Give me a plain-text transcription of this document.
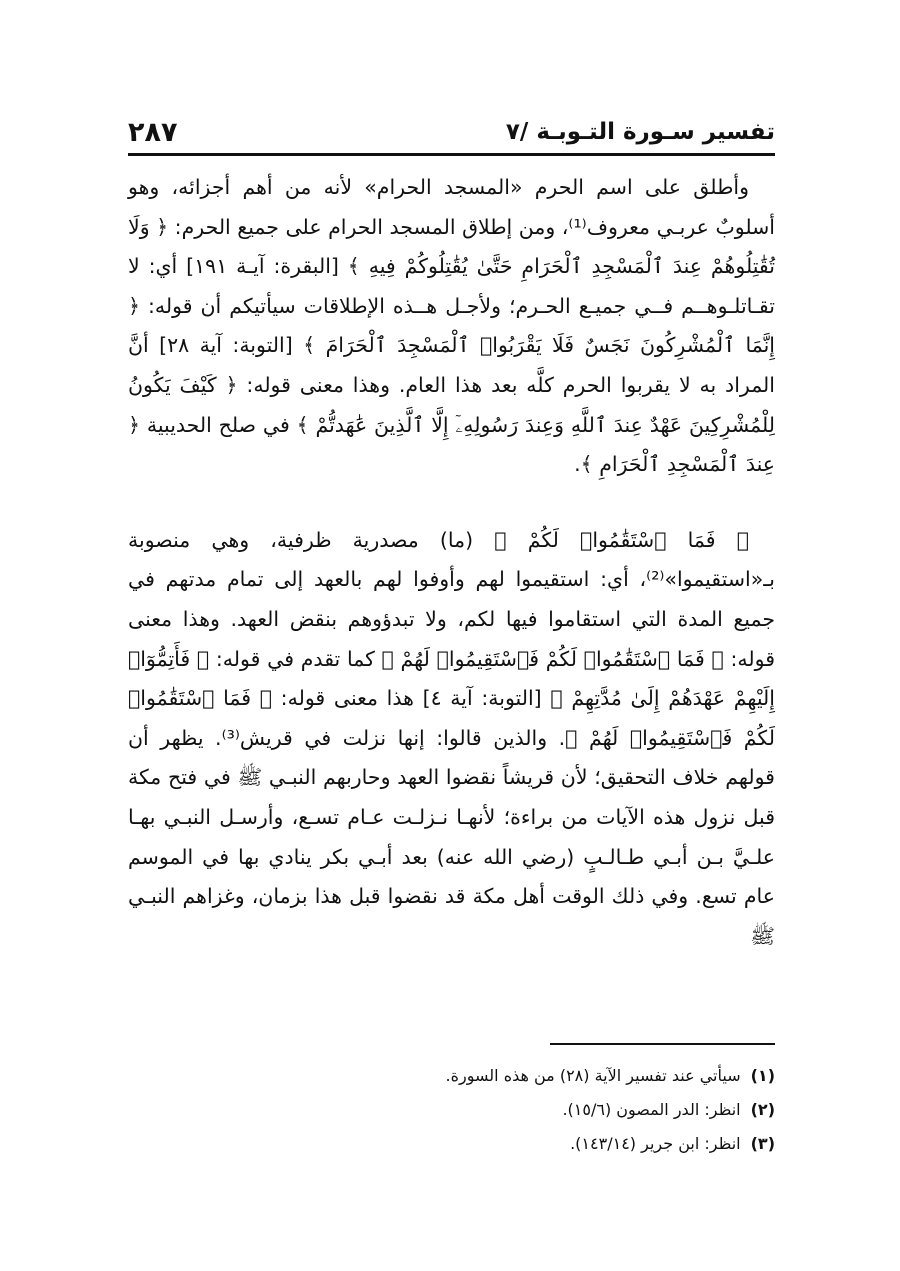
تفسير سـورة التـوبـة /٧
٢٨٧

وأطلق على اسم الحرم «المسجد الحرام» لأنه من أهم أجزائه، وهو أسلوبٌ عربـي معروف⁽¹⁾، ومن إطلاق المسجد الحرام على جميع الحرم: ﴿ وَلَا تُقَٰتِلُوهُمْ عِندَ ٱلْمَسْجِدِ ٱلْحَرَامِ حَتَّىٰ يُقَٰتِلُوكُمْ فِيهِ ﴾ [البقرة: آيـة ١٩١] أي: لا تقـاتلـوهــم فــي جميـع الحـرم؛ ولأجـل هــذه الإطلاقات سيأتيكم أن قوله: ﴿ إِنَّمَا ٱلْمُشْرِكُونَ نَجَسٌ فَلَا يَقْرَبُوا۟ ٱلْمَسْجِدَ ٱلْحَرَامَ ﴾ [التوبة: آية ٢٨] أنَّ المراد به لا يقربوا الحرم كلَّه بعد هذا العام. وهذا معنى قوله: ﴿ كَيْفَ يَكُونُ لِلْمُشْرِكِينَ عَهْدٌ عِندَ ٱللَّهِ وَعِندَ رَسُولِهِۦٓ إِلَّا ٱلَّذِينَ عَٰهَدتُّمْ ﴾ في صلح الحديبية ﴿ عِندَ ٱلْمَسْجِدِ ٱلْحَرَامِ ﴾.

﴿ فَمَا ٱسْتَقَٰمُوا۟ لَكُمْ ﴾ (ما) مصدرية ظرفية، وهي منصوبة بـ«استقيموا»⁽²⁾، أي: استقيموا لهم وأوفوا لهم بالعهد إلى تمام مدتهم في جميع المدة التي استقاموا فيها لكم، ولا تبدؤوهم بنقض العهد. وهذا معنى قوله: ﴿ فَمَا ٱسْتَقَٰمُوا۟ لَكُمْ فَٱسْتَقِيمُوا۟ لَهُمْ ﴾ كما تقدم في قوله: ﴿ فَأَتِمُّوٓا۟ إِلَيْهِمْ عَهْدَهُمْ إِلَىٰ مُدَّتِهِمْ ﴾ [التوبة: آية ٤] هذا معنى قوله: ﴿ فَمَا ٱسْتَقَٰمُوا۟ لَكُمْ فَٱسْتَقِيمُوا۟ لَهُمْ ﴾. والذين قالوا: إنها نزلت في قريش⁽³⁾. يظهر أن قولهم خلاف التحقيق؛ لأن قريشاً نقضوا العهد وحاربهم النبـي ﷺ في فتح مكة قبل نزول هذه الآيات من براءة؛ لأنهـا نـزلـت عـام تسـع، وأرسـل النبـي بهـا علـيَّ بـن أبـي طـالـبٍ (رضي الله عنه) بعد أبـي بكر ينادي بها في الموسم عام تسع. وفي ذلك الوقت أهل مكة قد نقضوا قبل هذا بزمان، وغزاهم النبـي ﷺ

(١)
سيأتي عند تفسير الآية (٢٨) من هذه السورة.
(٢)
انظر: الدر المصون (١٥/٦).
(٣)
انظر: ابن جرير (١٤٣/١٤).
